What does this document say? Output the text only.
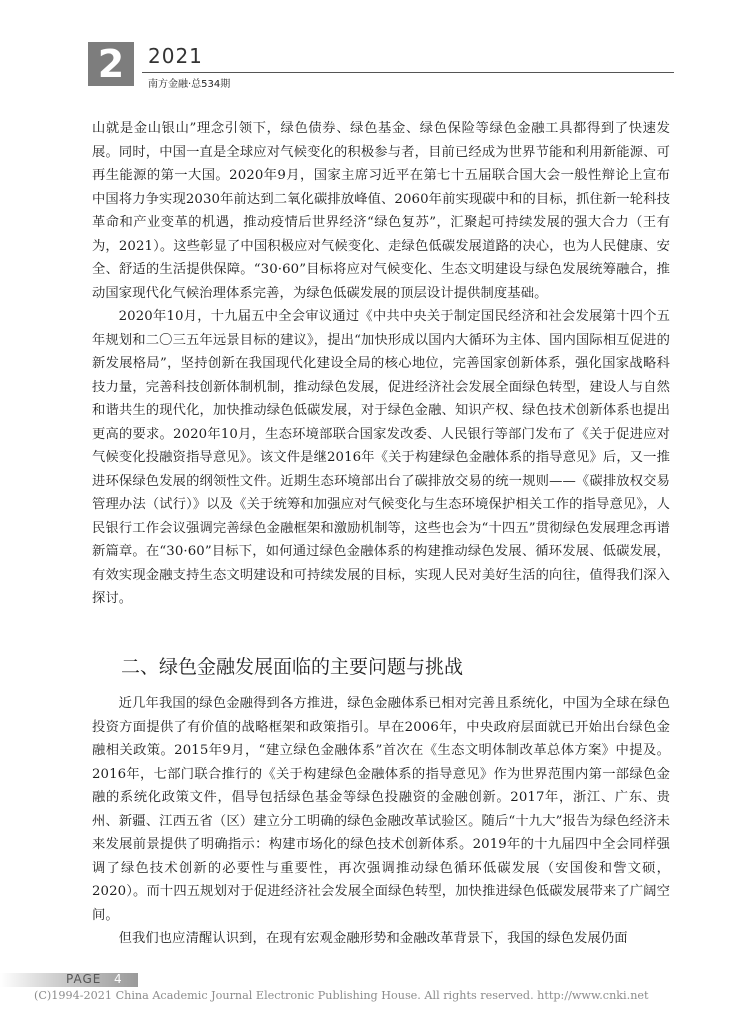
2	2021
南方金融·总534期

山就是金山银山”理念引领下，绿色债券、绿色基金、绿色保险等绿色金融工具都得到了快速发展。同时，中国一直是全球应对气候变化的积极参与者，目前已经成为世界节能和利用新能源、可再生能源的第一大国。2020年9月，国家主席习近平在第七十五届联合国大会一般性辩论上宣布中国将力争实现2030年前达到二氧化碳排放峰值、2060年前实现碳中和的目标，抓住新一轮科技革命和产业变革的机遇，推动疫情后世界经济“绿色复苏”，汇聚起可持续发展的强大合力（王有为，2021）。这些彰显了中国积极应对气候变化、走绿色低碳发展道路的决心，也为人民健康、安全、舒适的生活提供保障。“30·60”目标将应对气候变化、生态文明建设与绿色发展统筹融合，推动国家现代化气候治理体系完善，为绿色低碳发展的顶层设计提供制度基础。

2020年10月，十九届五中全会审议通过《中共中央关于制定国民经济和社会发展第十四个五年规划和二〇三五年远景目标的建议》，提出“加快形成以国内大循环为主体、国内国际相互促进的新发展格局”，坚持创新在我国现代化建设全局的核心地位，完善国家创新体系，强化国家战略科技力量，完善科技创新体制机制，推动绿色发展，促进经济社会发展全面绿色转型，建设人与自然和谐共生的现代化，加快推动绿色低碳发展，对于绿色金融、知识产权、绿色技术创新体系也提出更高的要求。2020年10月，生态环境部联合国家发改委、人民银行等部门发布了《关于促进应对气候变化投融资指导意见》。该文件是继2016年《关于构建绿色金融体系的指导意见》后，又一推进环保绿色发展的纲领性文件。近期生态环境部出台了碳排放交易的统一规则——《碳排放权交易管理办法（试行）》以及《关于统筹和加强应对气候变化与生态环境保护相关工作的指导意见》，人民银行工作会议强调完善绿色金融框架和激励机制等，这些也会为“十四五”贯彻绿色发展理念再谱新篇章。在“30·60”目标下，如何通过绿色金融体系的构建推动绿色发展、循环发展、低碳发展，有效实现金融支持生态文明建设和可持续发展的目标，实现人民对美好生活的向往，值得我们深入探讨。

二、绿色金融发展面临的主要问题与挑战

近几年我国的绿色金融得到各方推进，绿色金融体系已相对完善且系统化，中国为全球在绿色投资方面提供了有价值的战略框架和政策指引。早在2006年，中央政府层面就已开始出台绿色金融相关政策。2015年9月，“建立绿色金融体系”首次在《生态文明体制改革总体方案》中提及。2016年，七部门联合推行的《关于构建绿色金融体系的指导意见》作为世界范围内第一部绿色金融的系统化政策文件，倡导包括绿色基金等绿色投融资的金融创新。2017年，浙江、广东、贵州、新疆、江西五省（区）建立分工明确的绿色金融改革试验区。随后“十九大”报告为绿色经济未来发展前景提供了明确指示：构建市场化的绿色技术创新体系。2019年的十九届四中全会同样强调了绿色技术创新的必要性与重要性，再次强调推动绿色循环低碳发展（安国俊和訾文硕，2020）。而十四五规划对于促进经济社会发展全面绿色转型，加快推进绿色低碳发展带来了广阔空间。

但我们也应清醒认识到，在现有宏观金融形势和金融改革背景下，我国的绿色发展仍面

PAGE 4
(C)1994-2021 China Academic Journal Electronic Publishing House. All rights reserved. http://www.cnki.net
